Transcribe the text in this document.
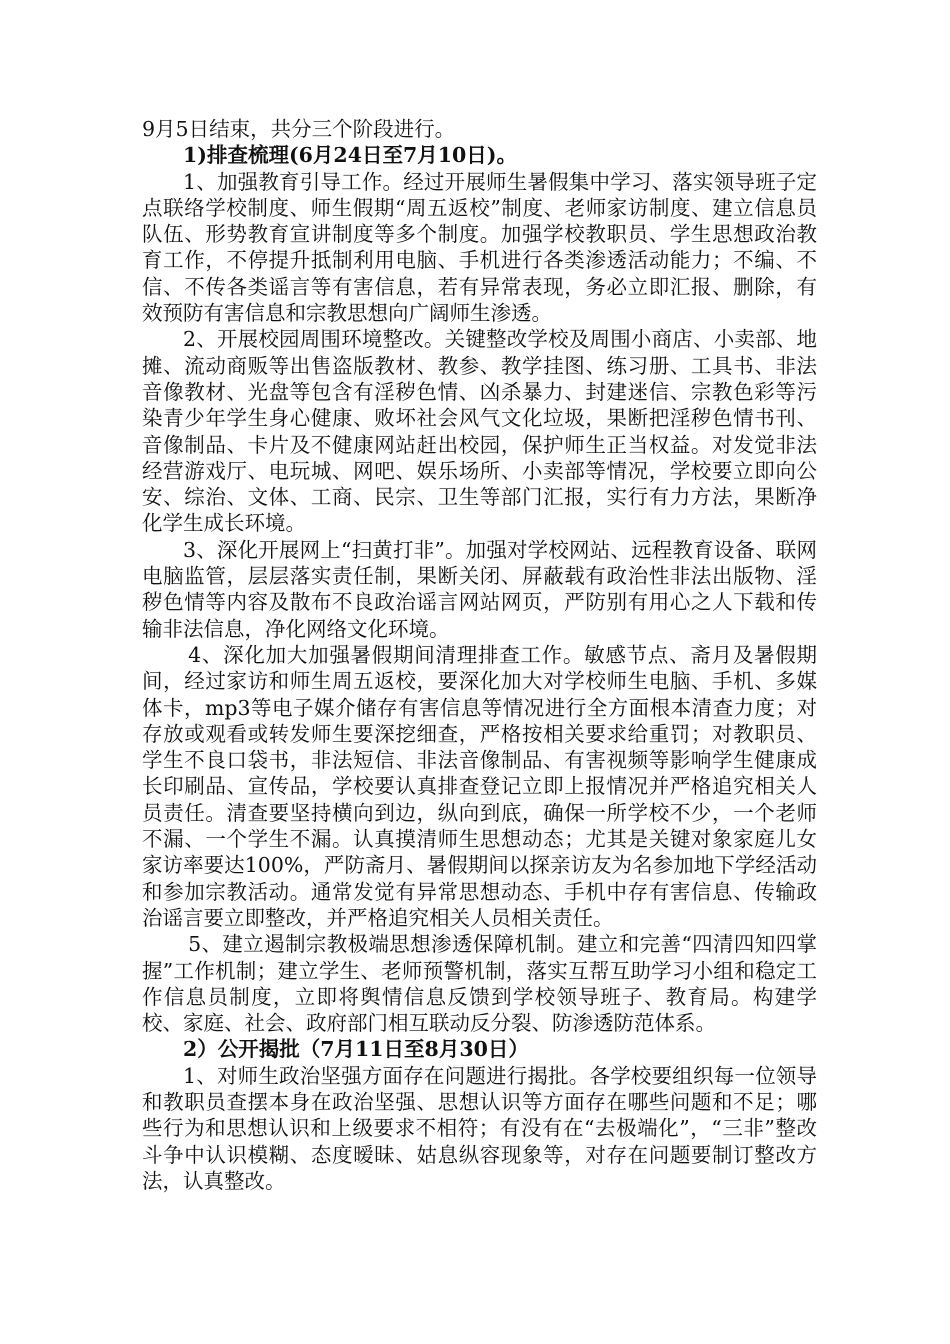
9月5日结束，共分三个阶段进行。

1)排查梳理(6月24日至7月10日)。

1、加强教育引导工作。经过开展师生暑假集中学习、落实领导班子定点联络学校制度、师生假期“周五返校”制度、老师家访制度、建立信息员队伍、形势教育宣讲制度等多个制度。加强学校教职员、学生思想政治教育工作，不停提升抵制利用电脑、手机进行各类渗透活动能力；不编、不信、不传各类谣言等有害信息，若有异常表现，务必立即汇报、删除，有效预防有害信息和宗教思想向广阔师生渗透。

2、开展校园周围环境整改。关键整改学校及周围小商店、小卖部、地摊、流动商贩等出售盗版教材、教参、教学挂图、练习册、工具书、非法音像教材、光盘等包含有淫秽色情、凶杀暴力、封建迷信、宗教色彩等污染青少年学生身心健康、败坏社会风气文化垃圾，果断把淫秽色情书刊、音像制品、卡片及不健康网站赶出校园，保护师生正当权益。对发觉非法经营游戏厅、电玩城、网吧、娱乐场所、小卖部等情况，学校要立即向公安、综治、文体、工商、民宗、卫生等部门汇报，实行有力方法，果断净化学生成长环境。

3、深化开展网上“扫黄打非”。加强对学校网站、远程教育设备、联网电脑监管，层层落实责任制，果断关闭、屏蔽载有政治性非法出版物、淫秽色情等内容及散布不良政治谣言网站网页，严防别有用心之人下载和传输非法信息，净化网络文化环境。

4、深化加大加强暑假期间清理排查工作。敏感节点、斋月及暑假期间，经过家访和师生周五返校，要深化加大对学校师生电脑、手机、多媒体卡，mp3等电子媒介储存有害信息等情况进行全方面根本清查力度；对存放或观看或转发师生要深挖细查，严格按相关要求给重罚；对教职员、学生不良口袋书，非法短信、非法音像制品、有害视频等影响学生健康成长印刷品、宣传品，学校要认真排查登记立即上报情况并严格追究相关人员责任。清查要坚持横向到边，纵向到底，确保一所学校不少，一个老师不漏、一个学生不漏。认真摸清师生思想动态；尤其是关键对象家庭儿女家访率要达100%，严防斋月、暑假期间以探亲访友为名参加地下学经活动和参加宗教活动。通常发觉有异常思想动态、手机中存有害信息、传输政治谣言要立即整改，并严格追究相关人员相关责任。

5、建立遏制宗教极端思想渗透保障机制。建立和完善“四清四知四掌握”工作机制；建立学生、老师预警机制，落实互帮互助学习小组和稳定工作信息员制度，立即将舆情信息反馈到学校领导班子、教育局。构建学校、家庭、社会、政府部门相互联动反分裂、防渗透防范体系。

2）公开揭批（7月11日至8月30日）

1、对师生政治坚强方面存在问题进行揭批。各学校要组织每一位领导和教职员查摆本身在政治坚强、思想认识等方面存在哪些问题和不足；哪些行为和思想认识和上级要求不相符；有没有在“去极端化”，“三非”整改斗争中认识模糊、态度暧昧、姑息纵容现象等，对存在问题要制订整改方法，认真整改。
